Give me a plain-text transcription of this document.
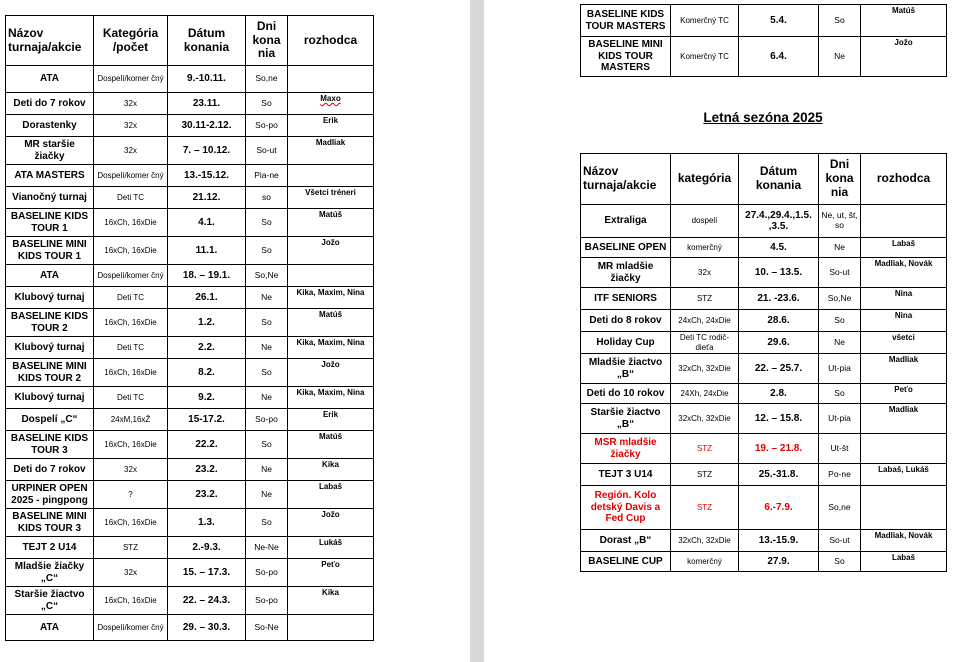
Názov turnaja/akcie	Kategória /počet	Dátum konania	Dni kona nia	rozhodca
ATA	Dospelí/komer čný	9.-10.11.	So,ne	
Deti do 7 rokov	32x	23.11.	So	Maxo
Dorastenky	32x	30.11-2.12.	So-po	Erik
MR staršie žiačky	32x	7. – 10.12.	So-ut	Madliak
ATA MASTERS	Dospelí/komer čný	13.-15.12.	Pia-ne	
Vianočný turnaj	Deti TC	21.12.	so	Všetci tréneri
BASELINE KIDS TOUR 1	16xCh, 16xDie	4.1.	So	Matúš
BASELINE MINI KIDS TOUR 1	16xCh, 16xDie	11.1.	So	Jožo
ATA	Dospelí/komer čný	18. – 19.1.	So,Ne	
Klubový turnaj	Deti TC	26.1.	Ne	Kika, Maxim, Nina
BASELINE KIDS TOUR 2	16xCh, 16xDie	1.2.	So	Matúš
Klubový turnaj	Deti TC	2.2.	Ne	Kika, Maxim, Nina
BASELINE MINI KIDS TOUR 2	16xCh, 16xDie	8.2.	So	Jožo
Klubový turnaj	Deti TC	9.2.	Ne	Kika, Maxim, Nina
Dospelí „C“	24xM,16xŽ	15-17.2.	So-po	Erik
BASELINE KIDS TOUR 3	16xCh, 16xDie	22.2.	So	Matúš
Deti do 7 rokov	32x	23.2.	Ne	Kika
URPINER OPEN 2025 - pingpong	?	23.2.	Ne	Labaš
BASELINE MINI KIDS TOUR 3	16xCh, 16xDie	1.3.	So	Jožo
TEJT 2 U14	STZ	2.-9.3.	Ne-Ne	Lukáš
Mladšie žiačky „C“	32x	15. – 17.3.	So-po	Peťo
Staršie žiactvo „C“	16xCh, 16xDie	22. – 24.3.	So-po	Kika
ATA	Dospelí/komer čný	29. – 30.3.	So-Ne	
BASELINE KIDS TOUR MASTERS	Komerčný TC	5.4.	So	Matúš
BASELINE MINI KIDS TOUR MASTERS	Komerčný TC	6.4.	Ne	Jožo
Letná sezóna 2025
Názov turnaja/akcie	kategória	Dátum konania	Dni kona nia	rozhodca
Extraliga	dospelí	27.4.,29.4.,1.5. ,3.5.	Ne, ut, št, so	
BASELINE OPEN	komerčný	4.5.	Ne	Labaš
MR mladšie žiačky	32x	10. – 13.5.	So-ut	Madliak, Novák
ITF SENIORS	STZ	21. -23.6.	So,Ne	Nina
Deti do 8 rokov	24xCh, 24xDie	28.6.	So	Nina
Holiday Cup	Deti TC rodič-dieťa	29.6.	Ne	všetci
Mladšie žiactvo „B“	32xCh, 32xDie	22. – 25.7.	Ut-pia	Madliak
Deti do 10 rokov	24Xh, 24xDie	2.8.	So	Peťo
Staršie žiactvo „B“	32xCh, 32xDie	12. – 15.8.	Ut-pia	Madliak
MSR mladšie žiačky	STZ	19. – 21.8.	Ut-št	
TEJT 3 U14	STZ	25.-31.8.	Po-ne	Labaš, Lukáš
Región. Kolo detský Davis a Fed Cup	STZ	6.-7.9.	So,ne	
Dorast „B“	32xCh, 32xDie	13.-15.9.	So-ut	Madliak, Novák
BASELINE CUP	komerčný	27.9.	So	Labaš
